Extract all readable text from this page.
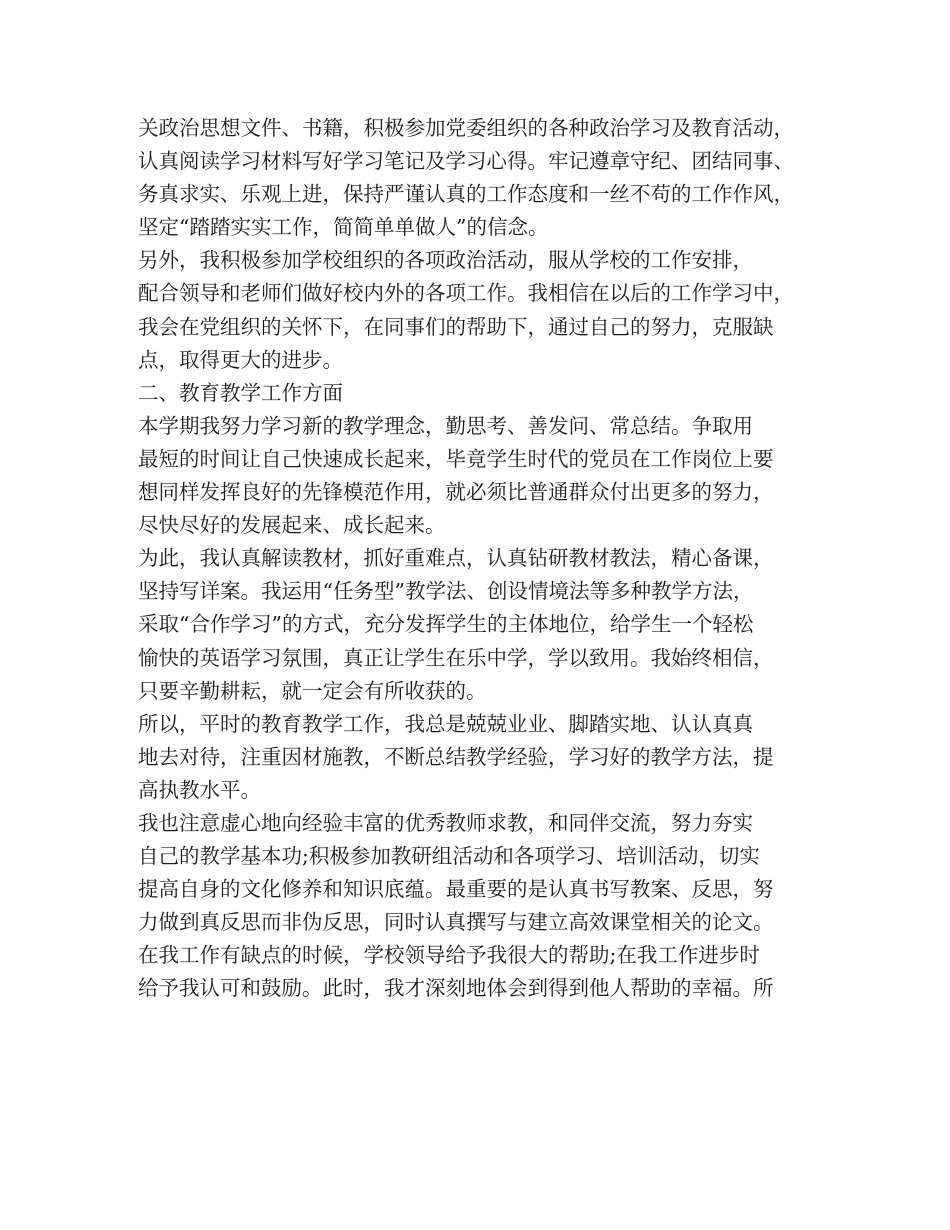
关政治思想文件、书籍，积极参加党委组织的各种政治学习及教育活动，
认真阅读学习材料写好学习笔记及学习心得。牢记遵章守纪、团结同事、
务真求实、乐观上进，保持严谨认真的工作态度和一丝不苟的工作作风，
坚定“踏踏实实工作，简简单单做人”的信念。
另外，我积极参加学校组织的各项政治活动，服从学校的工作安排，
配合领导和老师们做好校内外的各项工作。我相信在以后的工作学习中，
我会在党组织的关怀下，在同事们的帮助下，通过自己的努力，克服缺
点，取得更大的进步。
二、教育教学工作方面
本学期我努力学习新的教学理念，勤思考、善发问、常总结。争取用
最短的时间让自己快速成长起来，毕竟学生时代的党员在工作岗位上要
想同样发挥良好的先锋模范作用，就必须比普通群众付出更多的努力，
尽快尽好的发展起来、成长起来。
为此，我认真解读教材，抓好重难点，认真钻研教材教法，精心备课，
坚持写详案。我运用“任务型”教学法、创设情境法等多种教学方法，
采取“合作学习”的方式，充分发挥学生的主体地位，给学生一个轻松
愉快的英语学习氛围，真正让学生在乐中学，学以致用。我始终相信，
只要辛勤耕耘，就一定会有所收获的。
所以，平时的教育教学工作，我总是兢兢业业、脚踏实地、认认真真
地去对待，注重因材施教，不断总结教学经验，学习好的教学方法，提
高执教水平。
我也注意虚心地向经验丰富的优秀教师求教，和同伴交流，努力夯实
自己的教学基本功;积极参加教研组活动和各项学习、培训活动，切实
提高自身的文化修养和知识底蕴。最重要的是认真书写教案、反思，努
力做到真反思而非伪反思，同时认真撰写与建立高效课堂相关的论文。
在我工作有缺点的时候，学校领导给予我很大的帮助;在我工作进步时
给予我认可和鼓励。此时，我才深刻地体会到得到他人帮助的幸福。所
